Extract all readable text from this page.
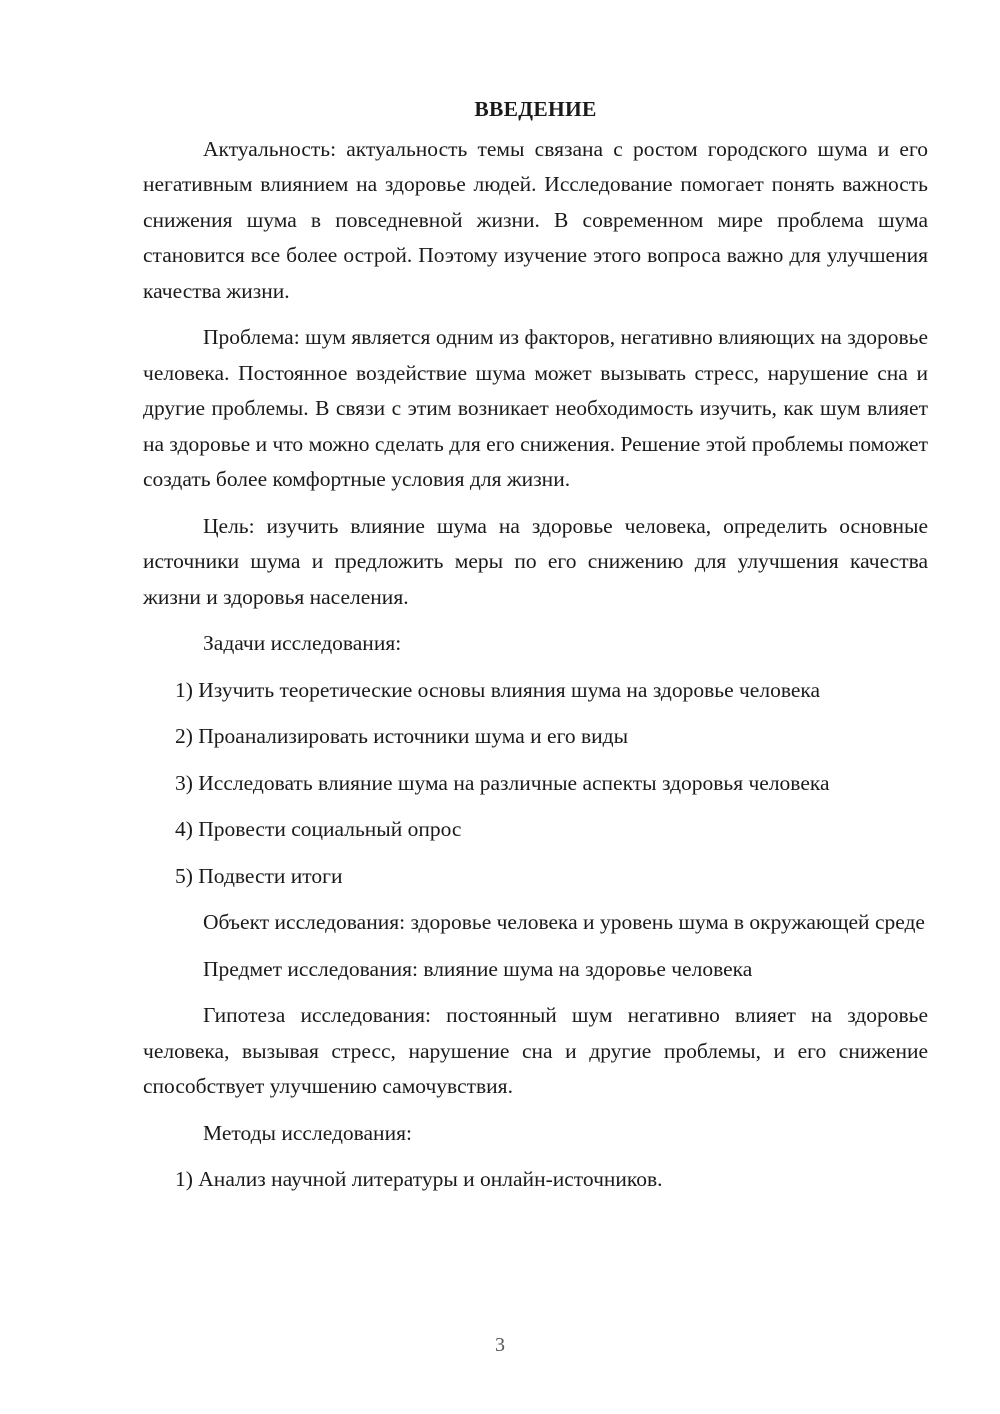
ВВЕДЕНИЕ

Актуальность: актуальность темы связана с ростом городского шума и его негативным влиянием на здоровье людей. Исследование помогает понять важность снижения шума в повседневной жизни. В современном мире проблема шума становится все более острой. Поэтому изучение этого вопроса важно для улучшения качества жизни.

Проблема: шум является одним из факторов, негативно влияющих на здоровье человека. Постоянное воздействие шума может вызывать стресс, нарушение сна и другие проблемы. В связи с этим возникает необходимость изучить, как шум влияет на здоровье и что можно сделать для его снижения. Решение этой проблемы поможет создать более комфортные условия для жизни.

Цель: изучить влияние шума на здоровье человека, определить основные источники шума и предложить меры по его снижению для улучшения качества жизни и здоровья населения.

Задачи исследования:

1) Изучить теоретические основы влияния шума на здоровье человека

2) Проанализировать источники шума и его виды

3) Исследовать влияние шума на различные аспекты здоровья человека

4) Провести социальный опрос

5) Подвести итоги

Объект исследования: здоровье человека и уровень шума в окружающей среде

Предмет исследования: влияние шума на здоровье человека

Гипотеза исследования: постоянный шум негативно влияет на здоровье человека, вызывая стресс, нарушение сна и другие проблемы, и его снижение способствует улучшению самочувствия.

Методы исследования:

1) Анализ научной литературы и онлайн-источников.

3
